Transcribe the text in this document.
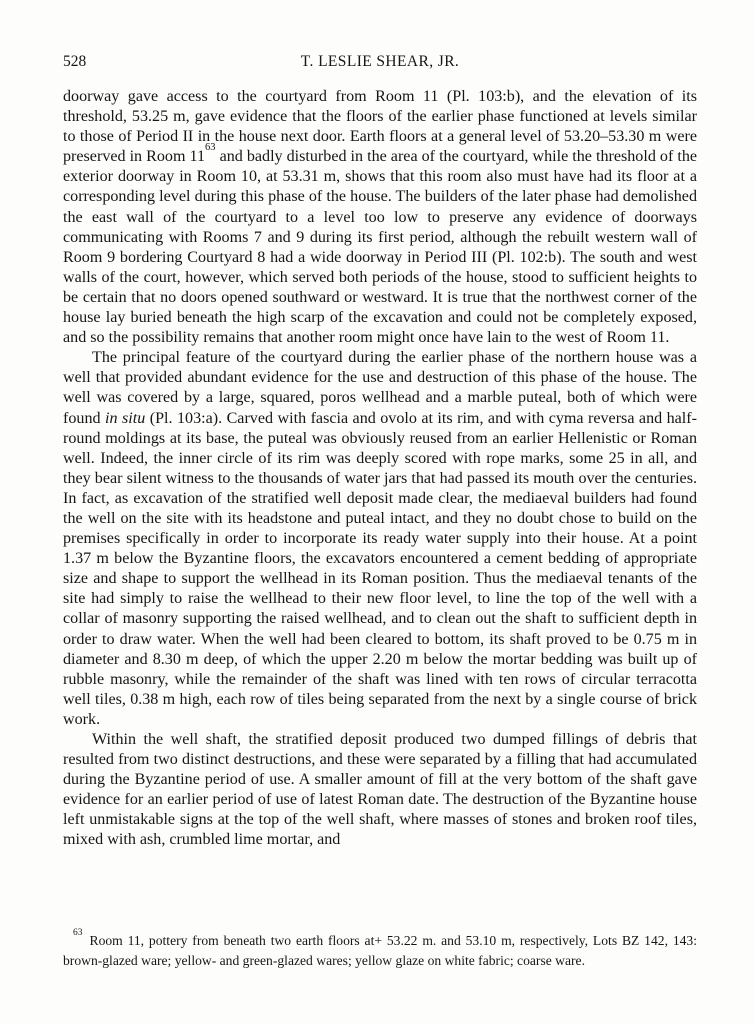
528	T. LESLIE SHEAR, JR.

doorway gave access to the courtyard from Room 11 (Pl. 103:b), and the elevation of its threshold, 53.25 m, gave evidence that the floors of the earlier phase functioned at levels similar to those of Period II in the house next door. Earth floors at a general level of 53.20–53.30 m were preserved in Room 11$^{63}$ and badly disturbed in the area of the courtyard, while the threshold of the exterior doorway in Room 10, at 53.31 m, shows that this room also must have had its floor at a corresponding level during this phase of the house. The builders of the later phase had demolished the east wall of the courtyard to a level too low to preserve any evidence of doorways communicating with Rooms 7 and 9 during its first period, although the rebuilt western wall of Room 9 bordering Courtyard 8 had a wide doorway in Period III (Pl. 102:b). The south and west walls of the court, however, which served both periods of the house, stood to sufficient heights to be certain that no doors opened southward or westward. It is true that the northwest corner of the house lay buried beneath the high scarp of the excavation and could not be completely exposed, and so the possibility remains that another room might once have lain to the west of Room 11.

The principal feature of the courtyard during the earlier phase of the northern house was a well that provided abundant evidence for the use and destruction of this phase of the house. The well was covered by a large, squared, poros wellhead and a marble puteal, both of which were found in situ (Pl. 103:a). Carved with fascia and ovolo at its rim, and with cyma reversa and half-round moldings at its base, the puteal was obviously reused from an earlier Hellenistic or Roman well. Indeed, the inner circle of its rim was deeply scored with rope marks, some 25 in all, and they bear silent witness to the thousands of water jars that had passed its mouth over the centuries. In fact, as excavation of the stratified well deposit made clear, the mediaeval builders had found the well on the site with its headstone and puteal intact, and they no doubt chose to build on the premises specifically in order to incorporate its ready water supply into their house. At a point 1.37 m below the Byzantine floors, the excavators encountered a cement bedding of appropriate size and shape to support the wellhead in its Roman position. Thus the mediaeval tenants of the site had simply to raise the wellhead to their new floor level, to line the top of the well with a collar of masonry supporting the raised wellhead, and to clean out the shaft to sufficient depth in order to draw water. When the well had been cleared to bottom, its shaft proved to be 0.75 m in diameter and 8.30 m deep, of which the upper 2.20 m below the mortar bedding was built up of rubble masonry, while the remainder of the shaft was lined with ten rows of circular terracotta well tiles, 0.38 m high, each row of tiles being separated from the next by a single course of brick work.

Within the well shaft, the stratified deposit produced two dumped fillings of debris that resulted from two distinct destructions, and these were separated by a filling that had accumulated during the Byzantine period of use. A smaller amount of fill at the very bottom of the shaft gave evidence for an earlier period of use of latest Roman date. The destruction of the Byzantine house left unmistakable signs at the top of the well shaft, where masses of stones and broken roof tiles, mixed with ash, crumbled lime mortar, and

$^{63}$ Room 11, pottery from beneath two earth floors at+ 53.22 m. and 53.10 m, respectively, Lots BZ 142, 143: brown-glazed ware; yellow- and green-glazed wares; yellow glaze on white fabric; coarse ware.
